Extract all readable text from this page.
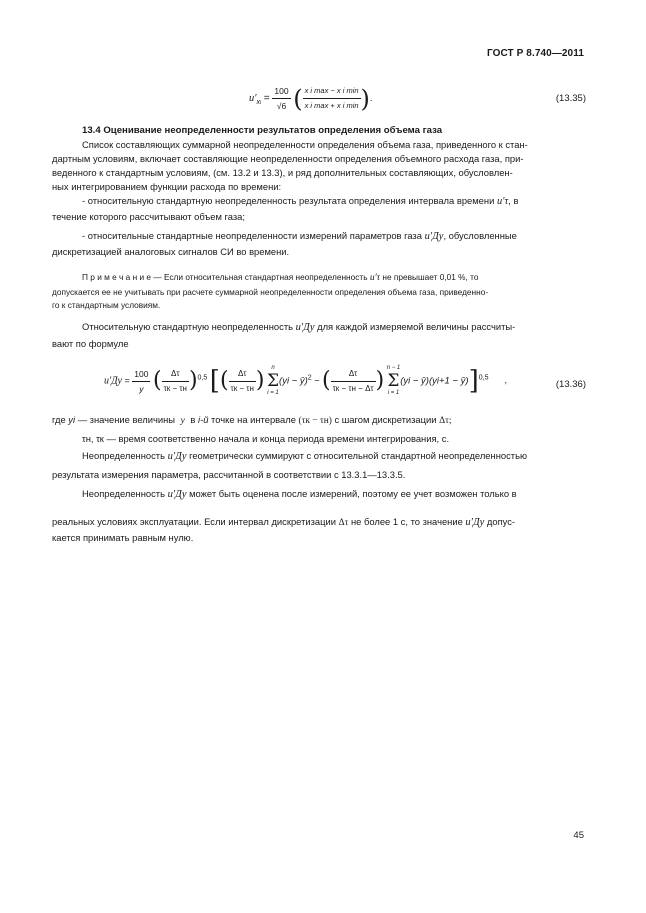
ГОСТ Р 8.740—2011
$u'_{xi} = \frac{100}{√6}$ ( $\frac{\text{x i max − x i min}}{\text{x i max + x i min}}$ ).	(13.35)
13.4 Оценивание неопределенности результатов определения объема газа
Список составляющих суммарной неопределенности определения объема газа, приведенного к стан-
дартным условиям, включает составляющие неопределенности определения объемного расхода газа, при-
веденного к стандартным условиям, (см. 13.2 и 13.3), и ряд дополнительных составляющих, обусловлен-
ных интегрированием функции расхода по времени:
- относительную стандартную неопределенность результата определения интервала времени u′τ, в
течение которого рассчитывают объем газа;
- относительные стандартные неопределенности измерений параметров газа u′Дy, обусловленные
дискретизацией аналоговых сигналов СИ во времени.
П р и м е ч а н и е — Если относительная стандартная неопределенность u′τ не превышает 0,01 %, то
допускается ее не учитывать при расчете суммарной неопределенности определения объема газа, приведенно-
го к стандартным условиям.
Относительную стандартную неопределенность u′Дy для каждой измеряемой величины рассчиты-
вают по формуле
$u'Дy = \frac{100}{y}$ ( $\frac{\Delta\tau}{\tau к - \tau н} )^{0,5}$ [( $\frac{\Delta\tau}{\tau к - \tau н}$ )	n
Σ
i = 1
(yi − ȳ)$^2$ − ( $\frac{\Delta\tau}{\tau к - \tau н - \Delta\tau}$ ) n − 1
Σ
i = 1
(yi − ȳ)(yi+1 − ȳ)]$^{0,5}$ ,	(13.36)
где yi — значение величины y в i-й точке на интервале (τк − τн) с шагом дискретизации Δτ;
τн, τк — время соответственно начала и конца периода времени интегрирования, с.
Неопределенность u′Дy геометрически суммируют с относительной стандартной неопределенностью
результата измерения параметра, рассчитанной в соответствии с 13.3.1—13.3.5.
Неопределенность u′Дy может быть оценена после измерений, поэтому ее учет возможен только в
реальных условиях эксплуатации. Если интервал дискретизации Δτ не более 1 с, то значение u′Дy допус-
кается принимать равным нулю.
45
